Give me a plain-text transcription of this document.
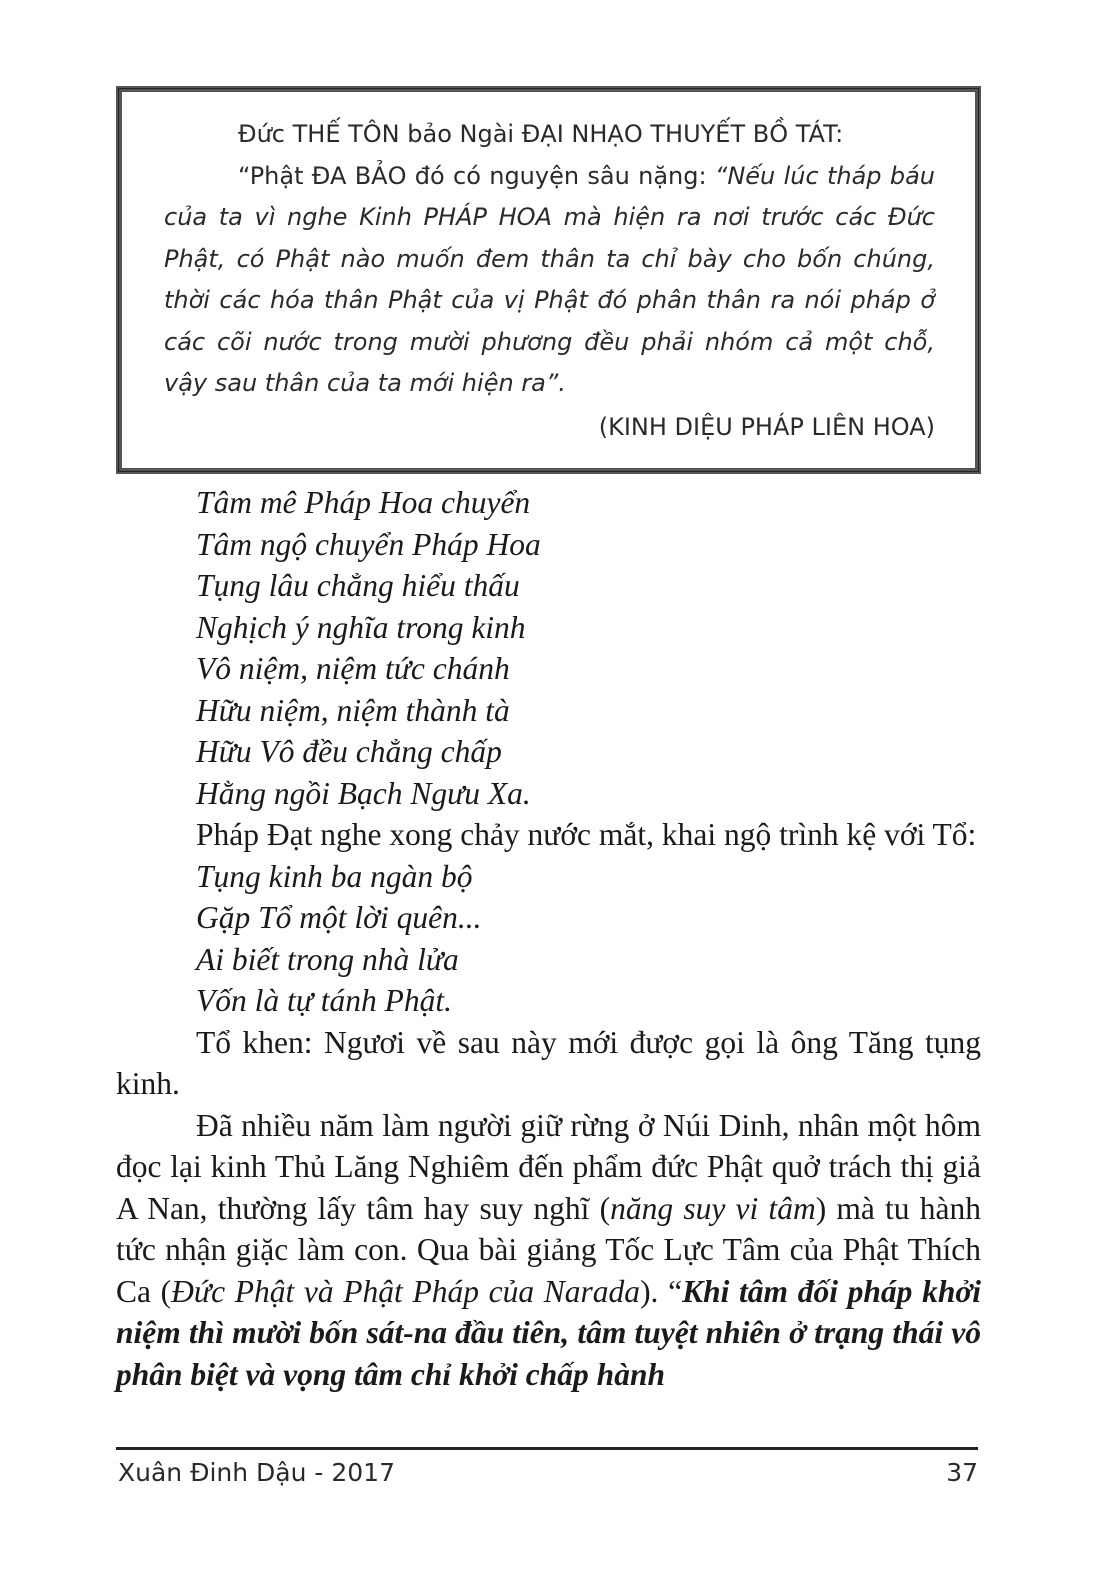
Đức THẾ TÔN bảo Ngài ĐẠI NHẠO THUYẾT BỒ TÁT:

“Phật ĐA BẢO đó có nguyện sâu nặng: “Nếu lúc tháp báu của ta vì nghe Kinh PHÁP HOA mà hiện ra nơi trước các Đức Phật, có Phật nào muốn đem thân ta chỉ bày cho bốn chúng, thời các hóa thân Phật của vị Phật đó phân thân ra nói pháp ở các cõi nước trong mười phương đều phải nhóm cả một chỗ, vậy sau thân của ta mới hiện ra”.

(KINH DIỆU PHÁP LIÊN HOA)

Tâm mê Pháp Hoa chuyển
Tâm ngộ chuyển Pháp Hoa
Tụng lâu chẳng hiểu thấu
Nghịch ý nghĩa trong kinh
Vô niệm, niệm tức chánh
Hữu niệm, niệm thành tà
Hữu Vô đều chẳng chấp
Hằng ngồi Bạch Ngưu Xa.

Pháp Đạt nghe xong chảy nước mắt, khai ngộ trình kệ với Tổ:

Tụng kinh ba ngàn bộ
Gặp Tổ một lời quên...
Ai biết trong nhà lửa
Vốn là tự tánh Phật.

Tổ khen: Ngươi về sau này mới được gọi là ông Tăng tụng kinh.

Đã nhiều năm làm người giữ rừng ở Núi Dinh, nhân một hôm đọc lại kinh Thủ Lăng Nghiêm đến phẩm đức Phật quở trách thị giả A Nan, thường lấy tâm hay suy nghĩ (năng suy vi tâm) mà tu hành tức nhận giặc làm con. Qua bài giảng Tốc Lực Tâm của Phật Thích Ca (Đức Phật và Phật Pháp của Narada). “Khi tâm đối pháp khởi niệm thì mười bốn sát-na đầu tiên, tâm tuyệt nhiên ở trạng thái vô phân biệt và vọng tâm chỉ khởi chấp hành

Xuân Đinh Dậu - 2017	37
